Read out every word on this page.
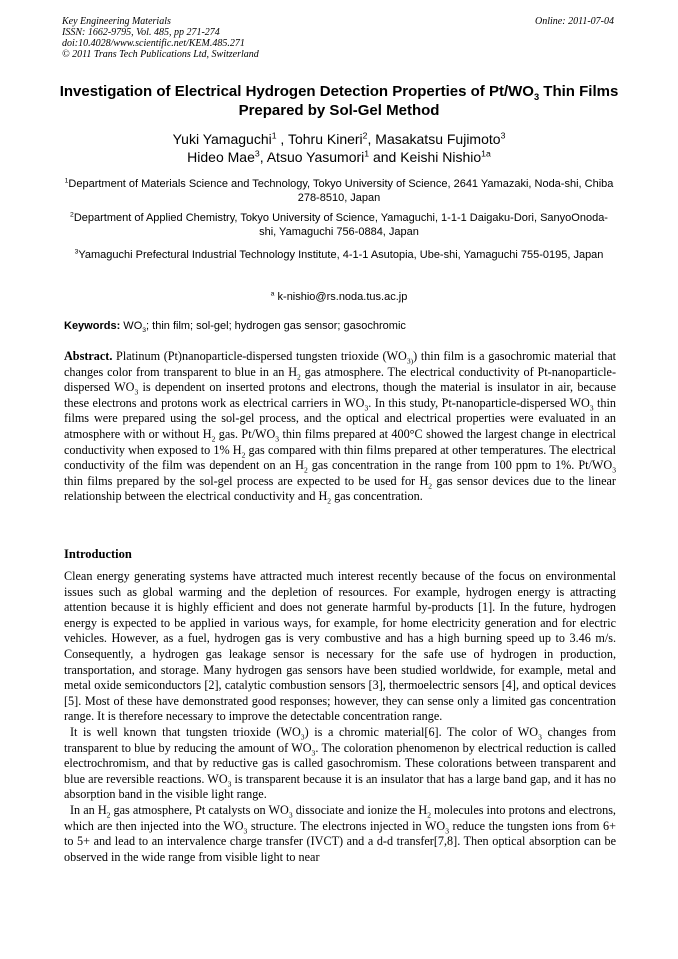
Key Engineering Materials
ISSN: 1662-9795, Vol. 485, pp 271-274
doi:10.4028/www.scientific.net/KEM.485.271
© 2011 Trans Tech Publications Ltd, Switzerland
Online: 2011-07-04
Investigation of Electrical Hydrogen Detection Properties of $Pt/WO_3$ Thin Films Prepared by Sol-Gel Method
Yuki Yamaguchi$^1$ , Tohru Kineri$^2$, Masakatsu Fujimoto$^3$
Hideo Mae$^3$, Atsuo Yasumori$^1$ and Keishi Nishio$^{1a}$
$^1$Department of Materials Science and Technology, Tokyo University of Science, 2641 Yamazaki, Noda-shi, Chiba 278-8510, Japan
$^2$Department of Applied Chemistry, Tokyo University of Science, Yamaguchi, 1-1-1 Daigaku-Dori, SanyoOnoda-shi, Yamaguchi 756-0884, Japan
$^3$Yamaguchi Prefectural Industrial Technology Institute, 4-1-1 Asutopia, Ube-shi, Yamaguchi 755-0195, Japan
$^a$ k-nishio@rs.noda.tus.ac.jp
Keywords: $WO_3$; thin film; sol-gel; hydrogen gas sensor; gasochromic

Abstract. Platinum (Pt)nanoparticle-dispersed tungsten trioxide $(WO_{3)})$ thin film is a gasochromic material that changes color from transparent to blue in an $H_2$ gas atmosphere. The electrical conductivity of Pt-nanoparticle-dispersed $WO_3$ is dependent on inserted protons and electrons, though the material is insulator in air, because these electrons and protons work as electrical carriers in $WO_3$. In this study, Pt-nanoparticle-dispersed $WO_3$ thin films were prepared using the sol-gel process, and the optical and electrical properties were evaluated in an atmosphere with or without $H_2$ gas. $Pt/WO_3$ thin films prepared at 400°C showed the largest change in electrical conductivity when exposed to 1% $H_2$ gas compared with thin films prepared at other temperatures. The electrical conductivity of the film was dependent on an $H_2$ gas concentration in the range from 100 ppm to 1%. $Pt/WO_3$ thin films prepared by the sol-gel process are expected to be used for $H_2$ gas sensor devices due to the linear relationship between the electrical conductivity and $H_2$ gas concentration.

Introduction

Clean energy generating systems have attracted much interest recently because of the focus on environmental issues such as global warming and the depletion of resources. For example, hydrogen energy is attracting attention because it is highly efficient and does not generate harmful by-products [1]. In the future, hydrogen energy is expected to be applied in various ways, for example, for home electricity generation and for electric vehicles. However, as a fuel, hydrogen gas is very combustive and has a high burning speed up to 3.46 m/s. Consequently, a hydrogen gas leakage sensor is necessary for the safe use of hydrogen in production, transportation, and storage. Many hydrogen gas sensors have been studied worldwide, for example, metal and metal oxide semiconductors [2], catalytic combustion sensors [3], thermoelectric sensors [4], and optical devices [5]. Most of these have demonstrated good responses; however, they can sense only a limited gas concentration range. It is therefore necessary to improve the detectable concentration range.

It is well known that tungsten trioxide $(WO_3)$ is a chromic material[6]. The color of $WO_3$ changes from transparent to blue by reducing the amount of $WO_3$. The coloration phenomenon by electrical reduction is called electrochromism, and that by reductive gas is called gasochromism. These colorations between transparent and blue are reversible reactions. $WO_3$ is transparent because it is an insulator that has a large band gap, and it has no absorption band in the visible light range.

In an $H_2$ gas atmosphere, Pt catalysts on $WO_3$ dissociate and ionize the $H_2$ molecules into protons and electrons, which are then injected into the $WO_3$ structure. The electrons injected in $WO_3$ reduce the tungsten ions from 6+ to 5+ and lead to an intervalence charge transfer (IVCT) and a d-d transfer[7,8]. Then optical absorption can be observed in the wide range from visible light to near
